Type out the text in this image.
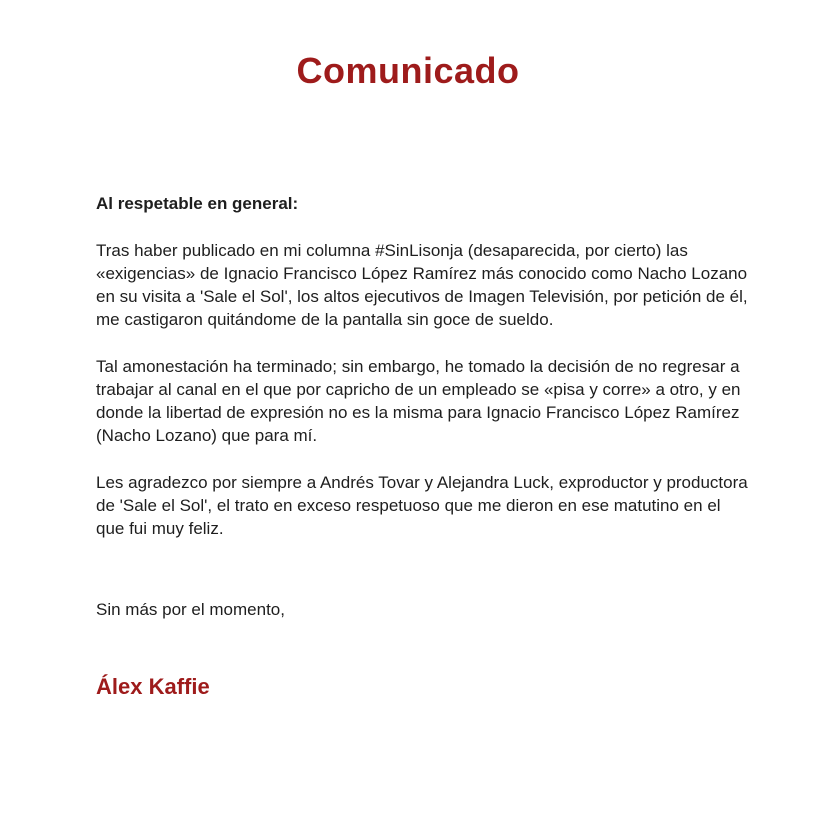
Comunicado

Al respetable en general:

Tras haber publicado en mi columna #SinLisonja (desaparecida, por cierto) las «exigencias» de Ignacio Francisco López Ramírez más conocido como Nacho Lozano en su visita a 'Sale el Sol', los altos ejecutivos de Imagen Televisión, por petición de él, me castigaron quitándome de la pantalla sin goce de sueldo.

Tal amonestación ha terminado; sin embargo, he tomado la decisión de no regresar a trabajar al canal en el que por capricho de un empleado se «pisa y corre» a otro, y en donde la libertad de expresión no es la misma para Ignacio Francisco López Ramírez (Nacho Lozano) que para mí.

Les agradezco por siempre a Andrés Tovar y Alejandra Luck, exproductor y productora de 'Sale el Sol', el trato en exceso respetuoso que me dieron en ese matutino en el que fui muy feliz.

Sin más por el momento,

Álex Kaffie
